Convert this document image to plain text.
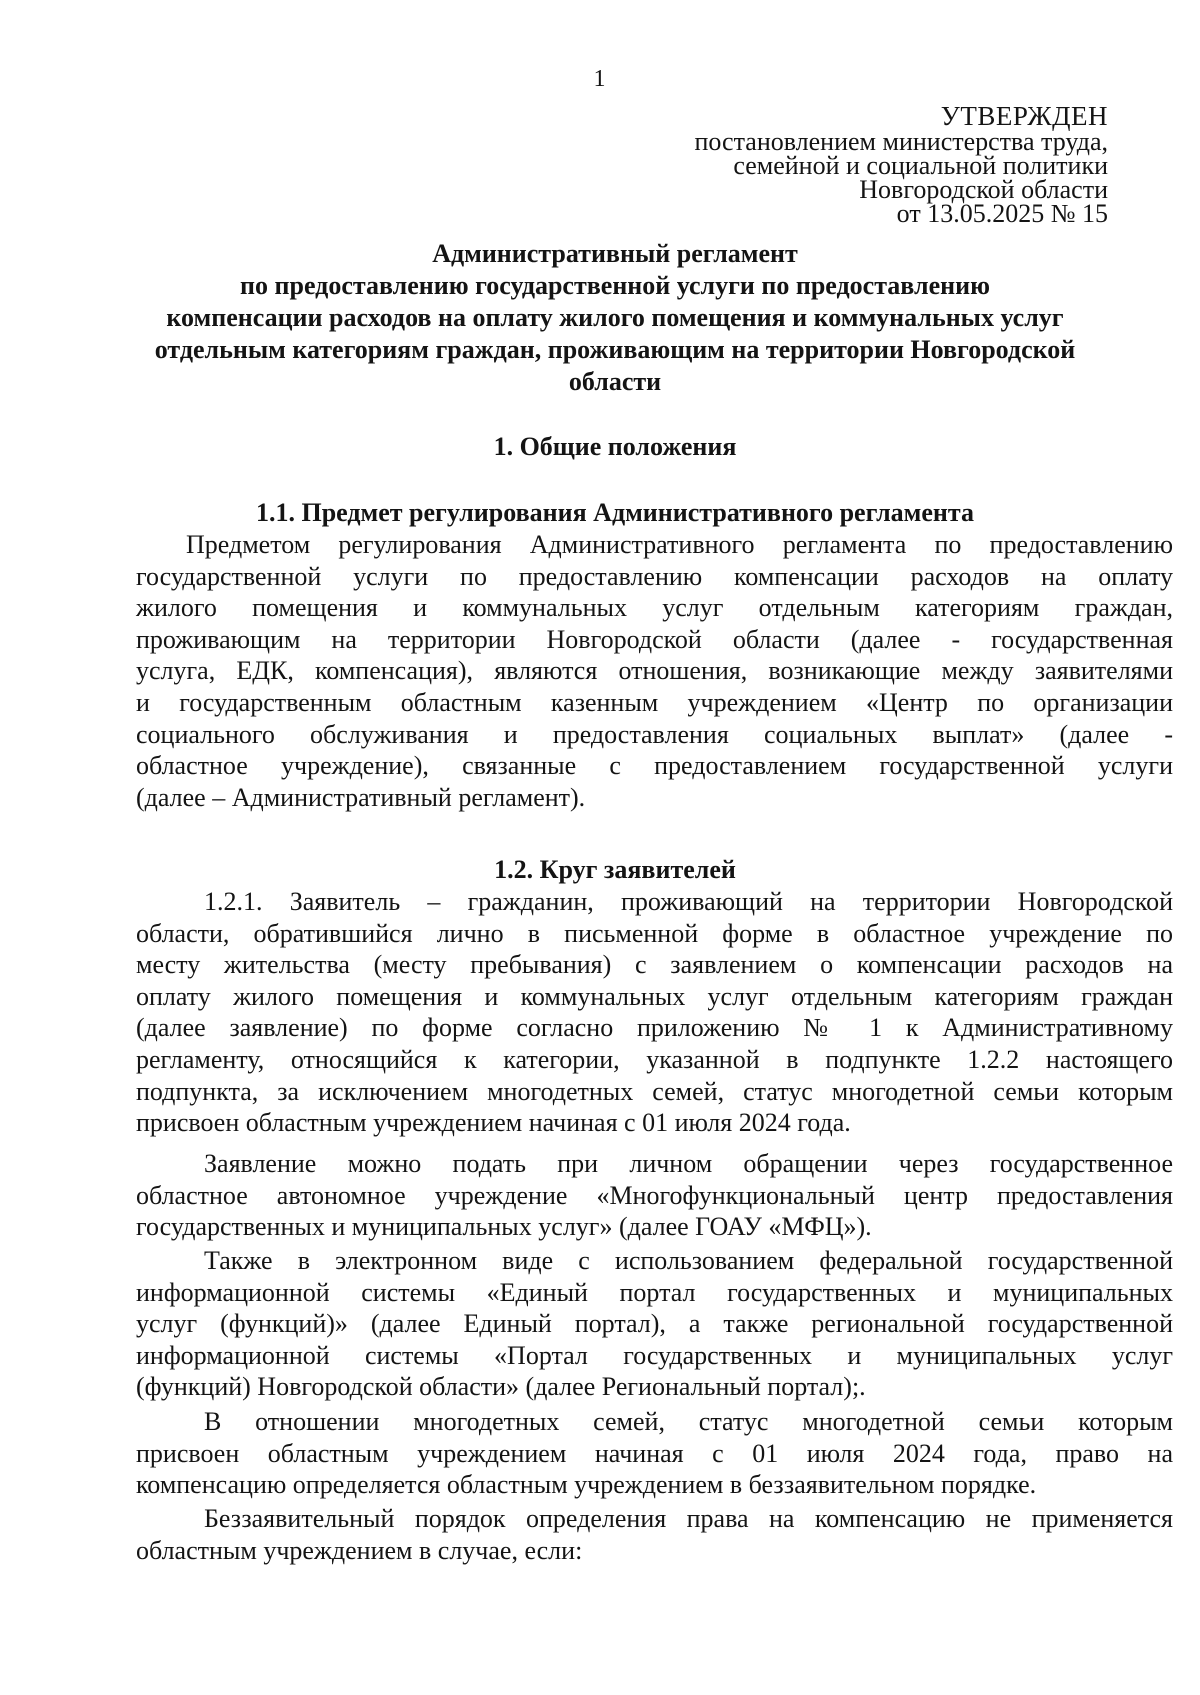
1
УТВЕРЖДЕН
постановлением министерства труда,
семейной и социальной политики
Новгородской области
от 13.05.2025 № 15
Административный регламент
по предоставлению государственной услуги по предоставлению
компенсации расходов на оплату жилого помещения и коммунальных услуг
отдельным категориям граждан, проживающим на территории Новгородской
области
1. Общие положения
1.1. Предмет регулирования Административного регламента
Предметом регулирования Административного регламента по предоставлению
государственной услуги по предоставлению компенсации расходов на оплату
жилого помещения и коммунальных услуг отдельным категориям граждан,
проживающим на территории Новгородской области (далее - государственная
услуга, ЕДК, компенсация), являются отношения, возникающие между заявителями
и государственным областным казенным учреждением «Центр по организации
социального обслуживания и предоставления социальных выплат» (далее -
областное учреждение), связанные с предоставлением государственной услуги
(далее – Административный регламент).
1.2. Круг заявителей
1.2.1. Заявитель – гражданин, проживающий на территории Новгородской
области, обратившийся лично в письменной форме в областное учреждение по
месту жительства (месту пребывания) с заявлением о компенсации расходов на
оплату жилого помещения и коммунальных услуг отдельным категориям граждан
(далее заявление) по форме согласно приложению № 1 к Административному
регламенту, относящийся к категории, указанной в подпункте 1.2.2 настоящего
подпункта, за исключением многодетных семей, статус многодетной семьи которым
присвоен областным учреждением начиная с 01 июля 2024 года.
Заявление можно подать при личном обращении через государственное
областное автономное учреждение «Многофункциональный центр предоставления
государственных и муниципальных услуг» (далее ГОАУ «МФЦ»).
Также в электронном виде с использованием федеральной государственной
информационной системы «Единый портал государственных и муниципальных
услуг (функций)» (далее Единый портал), а также региональной государственной
информационной системы «Портал государственных и муниципальных услуг
(функций) Новгородской области» (далее Региональный портал);.
В отношении многодетных семей, статус многодетной семьи которым
присвоен областным учреждением начиная с 01 июля 2024 года, право на
компенсацию определяется областным учреждением в беззаявительном порядке.
Беззаявительный порядок определения права на компенсацию не применяется
областным учреждением в случае, если:
